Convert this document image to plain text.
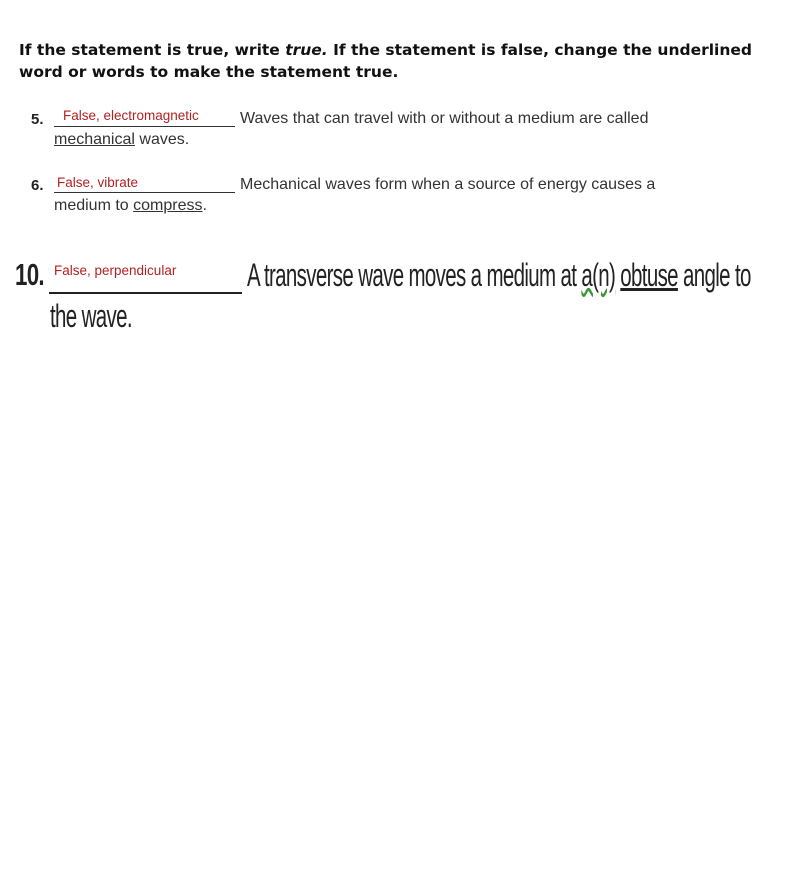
If the statement is true, write true. If the statement is false, change the underlined word or words to make the statement true.
5. False, electromagnetic	Waves that can travel with or without a medium are called
mechanical waves.
6. False, vibrate	Mechanical waves form when a source of energy causes a
medium to compress.
10. False, perpendicular A transverse wave moves a medium at a(n) obtuse angle to
the wave.
